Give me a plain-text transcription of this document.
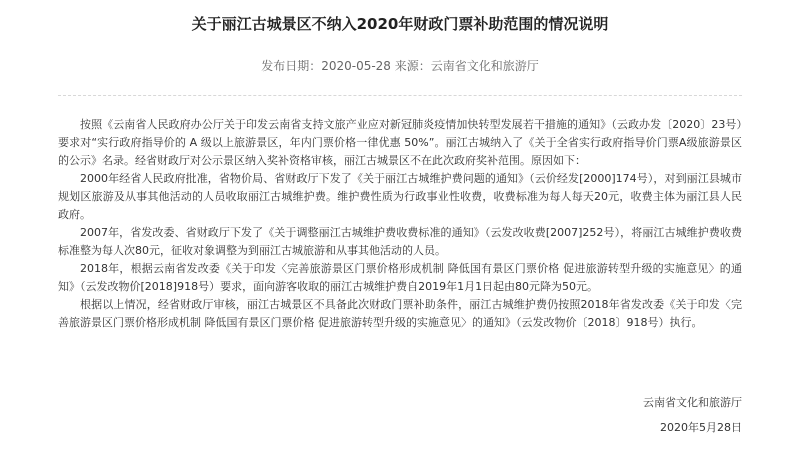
关于丽江古城景区不纳入2020年财政门票补助范围的情况说明
发布日期：2020-05-28 来源：云南省文化和旅游厅

按照《云南省人民政府办公厅关于印发云南省支持文旅产业应对新冠肺炎疫情加快转型发展若干措施的通知》（云政办发〔2020〕23号）要求对“实行政府指导价的 A 级以上旅游景区，年内门票价格一律优惠 50%”。丽江古城纳入了《关于全省实行政府指导价门票A级旅游景区的公示》名录。经省财政厅对公示景区纳入奖补资格审核，丽江古城景区不在此次政府奖补范围。原因如下：

2000年经省人民政府批准，省物价局、省财政厅下发了《关于丽江古城维护费问题的通知》（云价经发[2000]174号），对到丽江县城市规划区旅游及从事其他活动的人员收取丽江古城维护费。维护费性质为行政事业性收费，收费标准为每人每天20元，收费主体为丽江县人民政府。

2007年，省发改委、省财政厅下发了《关于调整丽江古城维护费收费标准的通知》（云发改收费[2007]252号），将丽江古城维护费收费标准整为每人次80元，征收对象调整为到丽江古城旅游和从事其他活动的人员。

2018年，根据云南省发改委《关于印发〈完善旅游景区门票价格形成机制 降低国有景区门票价格 促进旅游转型升级的实施意见〉的通知》（云发改物价[2018]918号）要求，面向游客收取的丽江古城维护费自2019年1月1日起由80元降为50元。

根据以上情况，经省财政厅审核，丽江古城景区不具备此次财政门票补助条件，丽江古城维护费仍按照2018年省发改委《关于印发〈完善旅游景区门票价格形成机制 降低国有景区门票价格 促进旅游转型升级的实施意见〉的通知》（云发改物价〔2018〕918号）执行。

云南省文化和旅游厅
2020年5月28日
